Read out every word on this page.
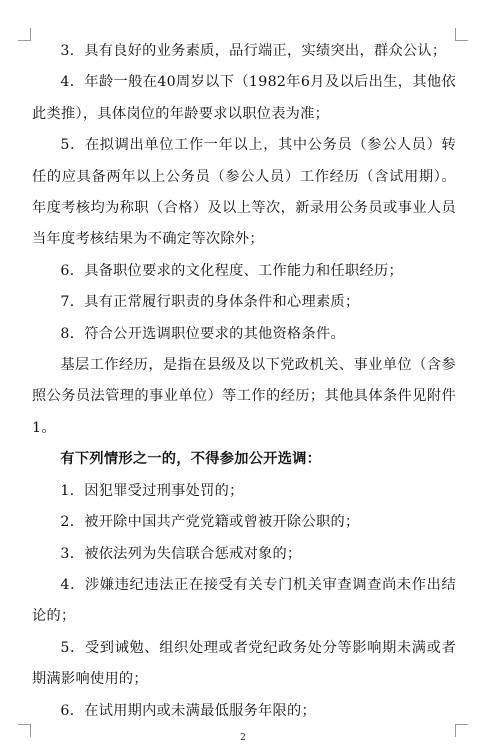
3．具有良好的业务素质，品行端正，实绩突出，群众公认；

4．年龄一般在40周岁以下（1982年6月及以后出生，其他依此类推），具体岗位的年龄要求以职位表为准；

5．在拟调出单位工作一年以上，其中公务员（参公人员）转任的应具备两年以上公务员（参公人员）工作经历（含试用期）。年度考核均为称职（合格）及以上等次，新录用公务员或事业人员当年度考核结果为不确定等次除外；

6．具备职位要求的文化程度、工作能力和任职经历；

7．具有正常履行职责的身体条件和心理素质；

8．符合公开选调职位要求的其他资格条件。

基层工作经历，是指在县级及以下党政机关、事业单位（含参照公务员法管理的事业单位）等工作的经历；其他具体条件见附件1。

有下列情形之一的，不得参加公开选调：

1．因犯罪受过刑事处罚的；

2．被开除中国共产党党籍或曾被开除公职的；

3．被依法列为失信联合惩戒对象的；

4．涉嫌违纪违法正在接受有关专门机关审查调查尚未作出结论的；

5．受到诫勉、组织处理或者党纪政务处分等影响期未满或者期满影响使用的；

6．在试用期内或未满最低服务年限的；

2
